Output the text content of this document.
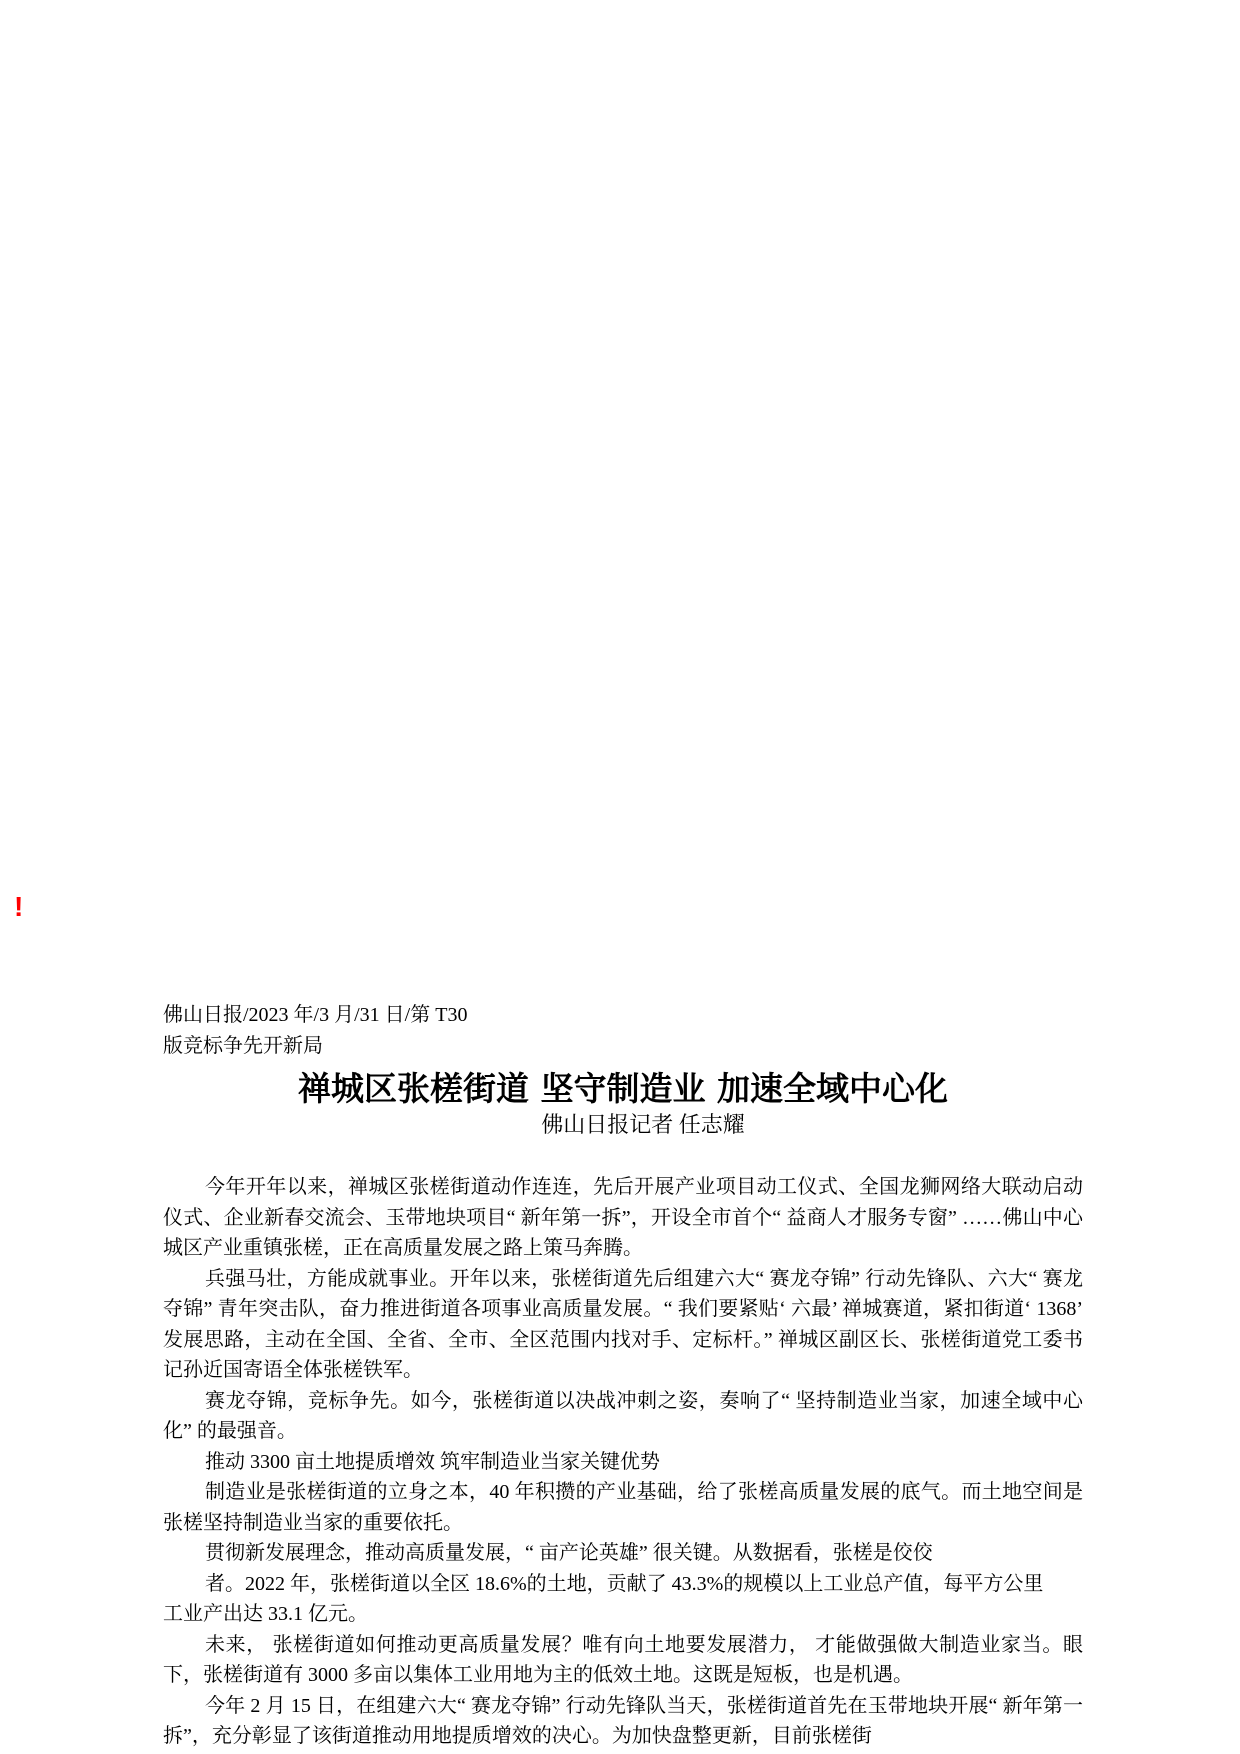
!

佛山日报/2023 年/3 月/31 日/第 T30

版竞标争先开新局

禅城区张槎街道 坚守制造业 加速全域中心化

佛山日报记者 任志耀

今年开年以来，禅城区张槎街道动作连连，先后开展产业项目动工仪式、全国龙狮网络大联动启动仪式、企业新春交流会、玉带地块项目“ 新年第一拆”，开设全市首个“ 益商人才服务专窗” ……佛山中心城区产业重镇张槎，正在高质量发展之路上策马奔腾。

兵强马壮，方能成就事业。开年以来，张槎街道先后组建六大“ 赛龙夺锦” 行动先锋队、六大“ 赛龙夺锦” 青年突击队，奋力推进街道各项事业高质量发展。“ 我们要紧贴‘ 六最’ 禅城赛道，紧扣街道‘ 1368’ 发展思路，主动在全国、全省、全市、全区范围内找对手、定标杆。” 禅城区副区长、张槎街道党工委书记孙近国寄语全体张槎铁军。

赛龙夺锦，竞标争先。如今，张槎街道以决战冲刺之姿，奏响了“ 坚持制造业当家，加速全域中心化” 的最强音。

推动 3300 亩土地提质增效 筑牢制造业当家关键优势

制造业是张槎街道的立身之本，40 年积攒的产业基础，给了张槎高质量发展的底气。而土地空间是张槎坚持制造业当家的重要依托。

贯彻新发展理念，推动高质量发展，“ 亩产论英雄” 很关键。从数据看，张槎是佼佼

者。2022 年，张槎街道以全区 18.6%的土地，贡献了 43.3%的规模以上工业总产值，每平方公里

工业产出达 33.1 亿元。

未来， 张槎街道如何推动更高质量发展？唯有向土地要发展潜力， 才能做强做大制造业家当。眼下，张槎街道有 3000 多亩以集体工业用地为主的低效土地。这既是短板，也是机遇。

今年 2 月 15 日，在组建六大“ 赛龙夺锦” 行动先锋队当天，张槎街道首先在玉带地块开展“ 新年第一拆”，充分彰显了该街道推动用地提质增效的决心。为加快盘整更新，目前张槎街
